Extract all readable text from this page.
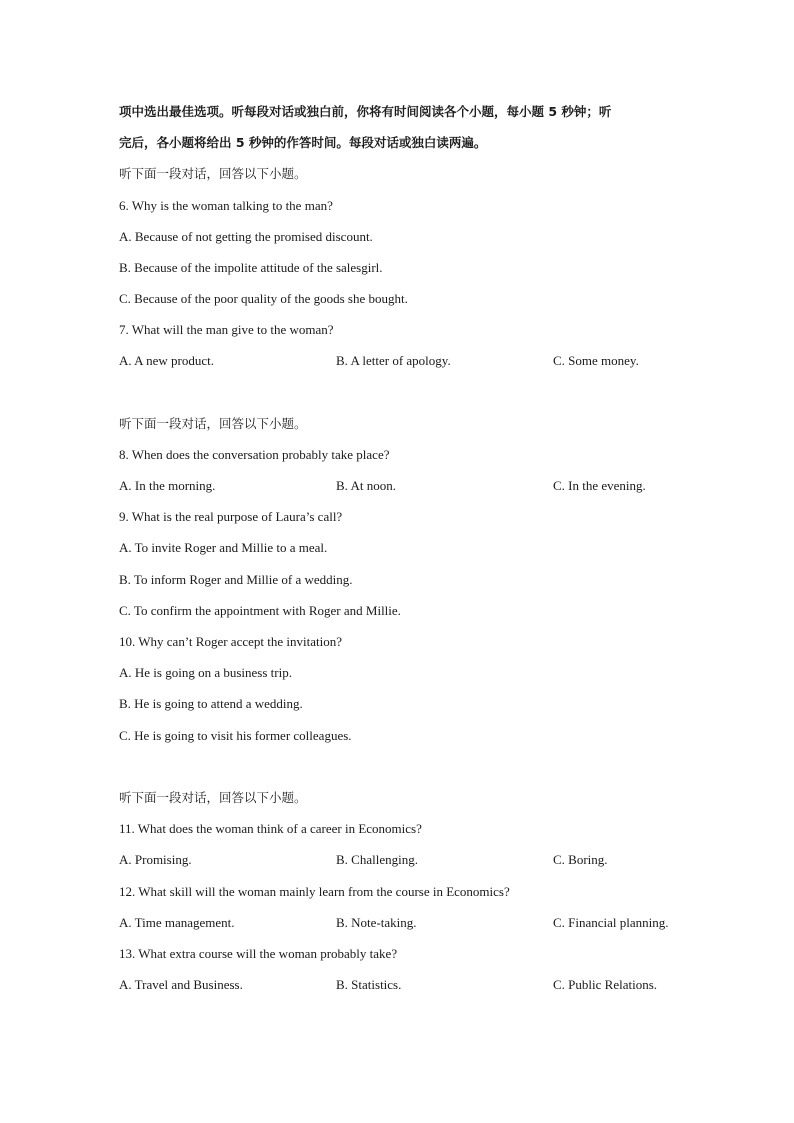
项中选出最佳选项。听每段对话或独白前，你将有时间阅读各个小题，每小题 5 秒钟；听
完后，各小题将给出 5 秒钟的作答时间。每段对话或独白读两遍。
听下面一段对话，回答以下小题。
6. Why is the woman talking to the man?
A. Because of not getting the promised discount.
B. Because of the impolite attitude of the salesgirl.
C. Because of the poor quality of the goods she bought.
7. What will the man give to the woman?
A. A new product.	B. A letter of apology.	C. Some money.
听下面一段对话，回答以下小题。
8. When does the conversation probably take place?
A. In the morning.	B. At noon.	C. In the evening.
9. What is the real purpose of Laura’s call?
A. To invite Roger and Millie to a meal.
B. To inform Roger and Millie of a wedding.
C. To confirm the appointment with Roger and Millie.
10. Why can’t Roger accept the invitation?
A. He is going on a business trip.
B. He is going to attend a wedding.
C. He is going to visit his former colleagues.
听下面一段对话，回答以下小题。
11. What does the woman think of a career in Economics?
A. Promising.	B. Challenging.	C. Boring.
12. What skill will the woman mainly learn from the course in Economics?
A. Time management.	B. Note-taking.	C. Financial planning.
13. What extra course will the woman probably take?
A. Travel and Business.	B. Statistics.	C. Public Relations.
